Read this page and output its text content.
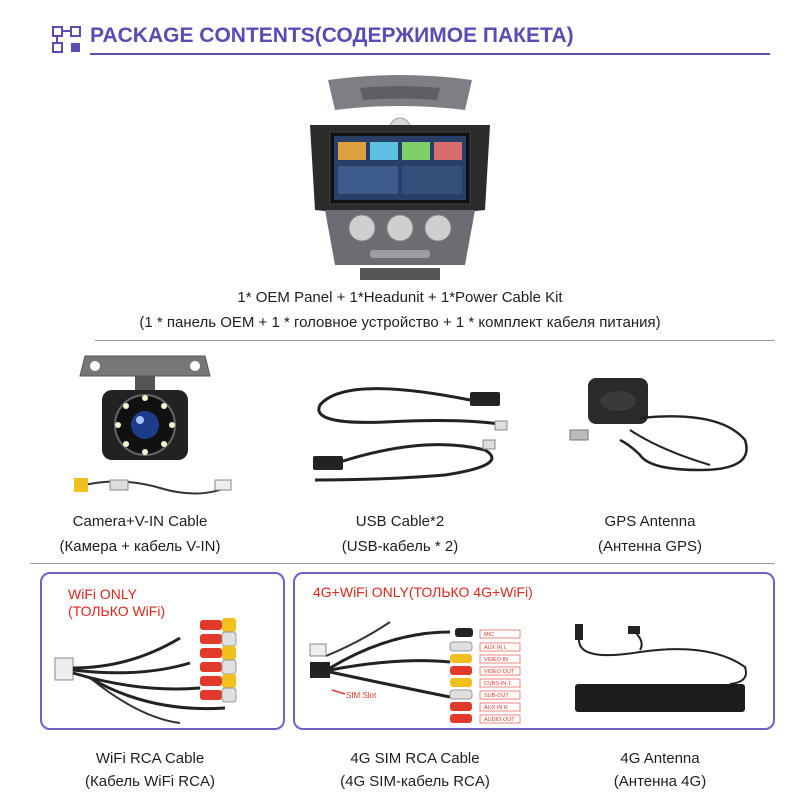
PACKAGE CONTENTS(СОДЕРЖИМОЕ ПАКЕТА)
1* OEM Panel + 1*Headunit + 1*Power Cable Kit
(1 * панель OEM + 1 * головное устройство + 1 * комплект кабеля питания)
Camera+V-IN Cable
(Камера + кабель V-IN)
USB Cable*2
(USB-кабель * 2)
GPS Antenna
(Антенна GPS)
WiFi ONLY
(ТОЛЬКО WiFi)
4G+WiFi ONLY(ТОЛЬКО 4G+WiFi)
MIC
AUX IN L
VIDEO IN
VIDEO OUT
CVBS-IN-1
SUB-OUT
AUX IN R
AUDIO OUT
SIM Slot
WiFi RCA Cable
(Кабель WiFi RCA)
4G SIM RCA Cable
(4G SIM-кабель RCA)
4G Antenna
(Антенна 4G)
